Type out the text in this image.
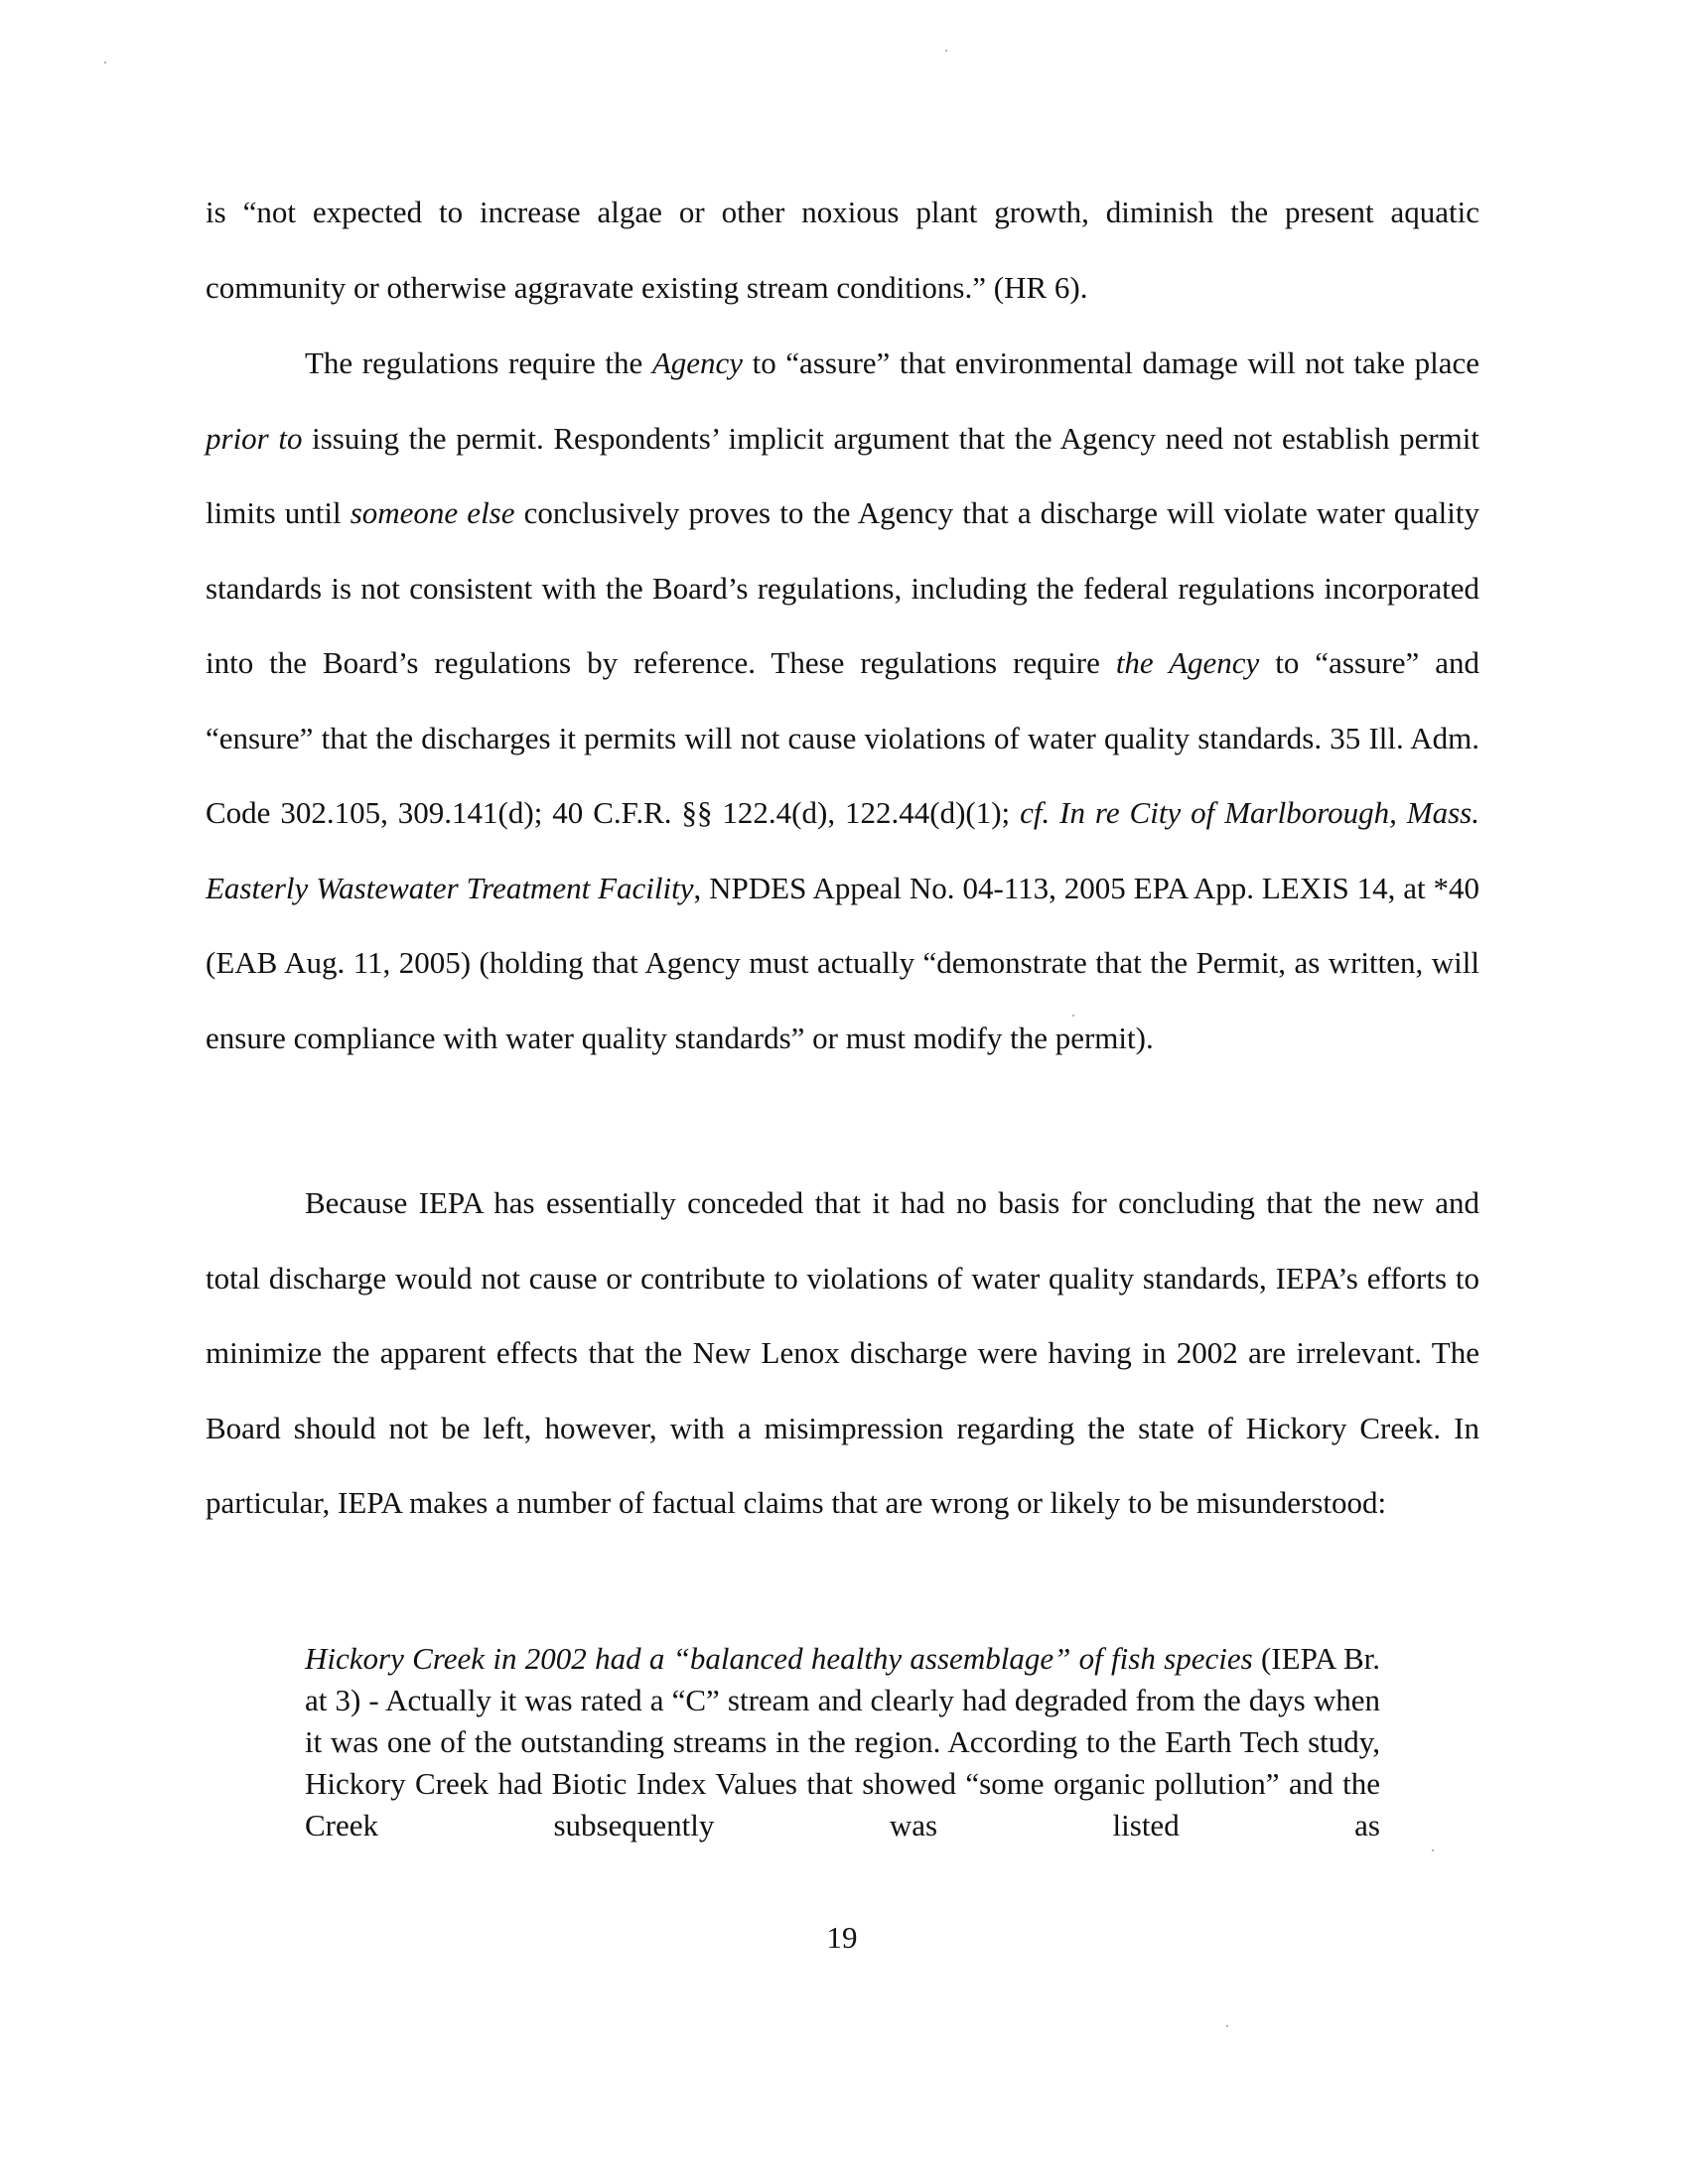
is “not expected to increase algae or other noxious plant growth, diminish the present aquatic community or otherwise aggravate existing stream conditions.” (HR 6).

The regulations require the Agency to “assure” that environmental damage will not take place prior to issuing the permit. Respondents’ implicit argument that the Agency need not establish permit limits until someone else conclusively proves to the Agency that a discharge will violate water quality standards is not consistent with the Board’s regulations, including the federal regulations incorporated into the Board’s regulations by reference. These regulations require the Agency to “assure” and “ensure” that the discharges it permits will not cause violations of water quality standards. 35 Ill. Adm. Code 302.105, 309.141(d); 40 C.F.R. §§ 122.4(d), 122.44(d)(1); cf. In re City of Marlborough, Mass. Easterly Wastewater Treatment Facility, NPDES Appeal No. 04-113, 2005 EPA App. LEXIS 14, at *40 (EAB Aug. 11, 2005) (holding that Agency must actually “demonstrate that the Permit, as written, will ensure compliance with water quality standards” or must modify the permit).

Because IEPA has essentially conceded that it had no basis for concluding that the new and total discharge would not cause or contribute to violations of water quality standards, IEPA’s efforts to minimize the apparent effects that the New Lenox discharge were having in 2002 are irrelevant. The Board should not be left, however, with a misimpression regarding the state of Hickory Creek. In particular, IEPA makes a number of factual claims that are wrong or likely to be misunderstood:

Hickory Creek in 2002 had a “balanced healthy assemblage” of fish species (IEPA Br. at 3) - Actually it was rated a “C” stream and clearly had degraded from the days when it was one of the outstanding streams in the region. According to the Earth Tech study, Hickory Creek had Biotic Index Values that showed “some organic pollution” and the Creek subsequently was listed as

19
